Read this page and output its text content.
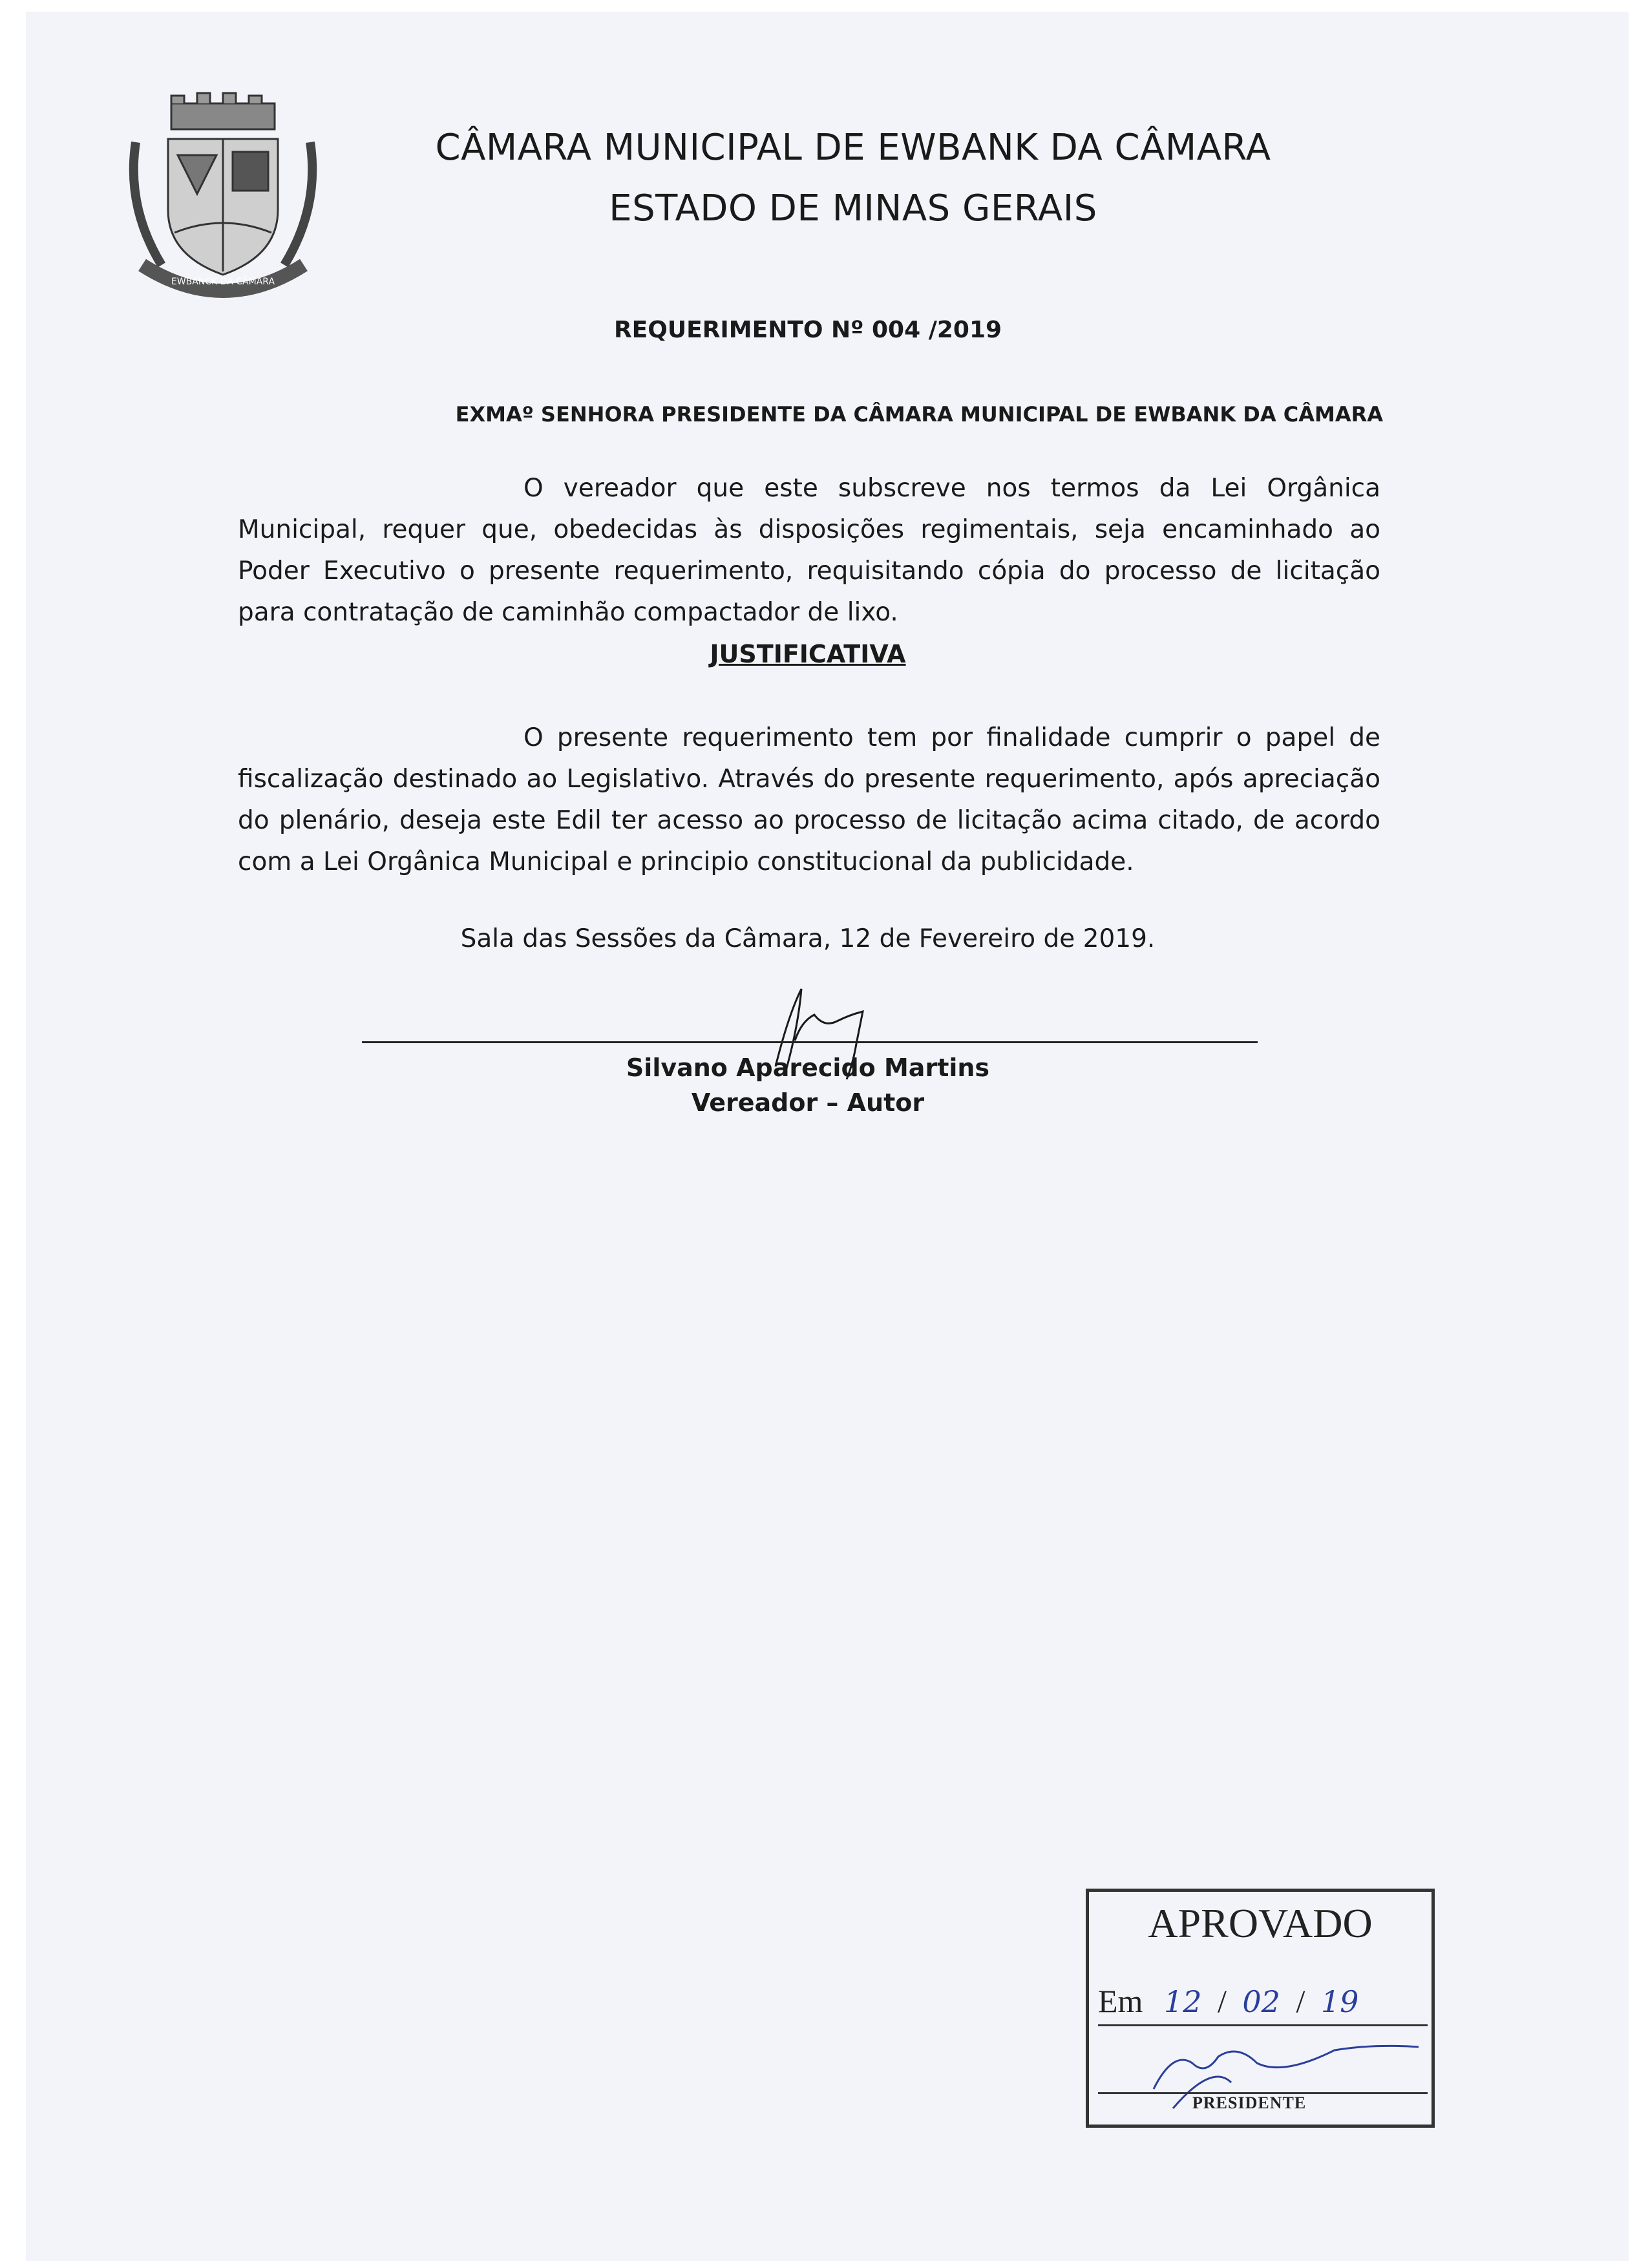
EWBANCK DA CÂMARA
CÂMARA MUNICIPAL DE EWBANK DA CÂMARA
ESTADO DE MINAS GERAIS
REQUERIMENTO Nº 004 /2019
EXMAº SENHORA PRESIDENTE DA CÂMARA MUNICIPAL DE EWBANK DA CÂMARA
O vereador que este subscreve nos termos da Lei Orgânica Municipal, requer que, obedecidas às disposições regimentais, seja encaminhado ao Poder Executivo o presente requerimento, requisitando cópia do processo de licitação para contratação de caminhão compactador de lixo.
JUSTIFICATIVA
O presente requerimento tem por finalidade cumprir o papel de fiscalização destinado ao Legislativo. Através do presente requerimento, após apreciação do plenário, deseja este Edil ter acesso ao processo de licitação acima citado, de acordo com a Lei Orgânica Municipal e principio constitucional da publicidade.
Sala das Sessões da Câmara, 12 de Fevereiro de 2019.
Silvano Aparecido Martins
Vereador – Autor
APROVADO
Em 12 / 02 / 19
PRESIDENTE
